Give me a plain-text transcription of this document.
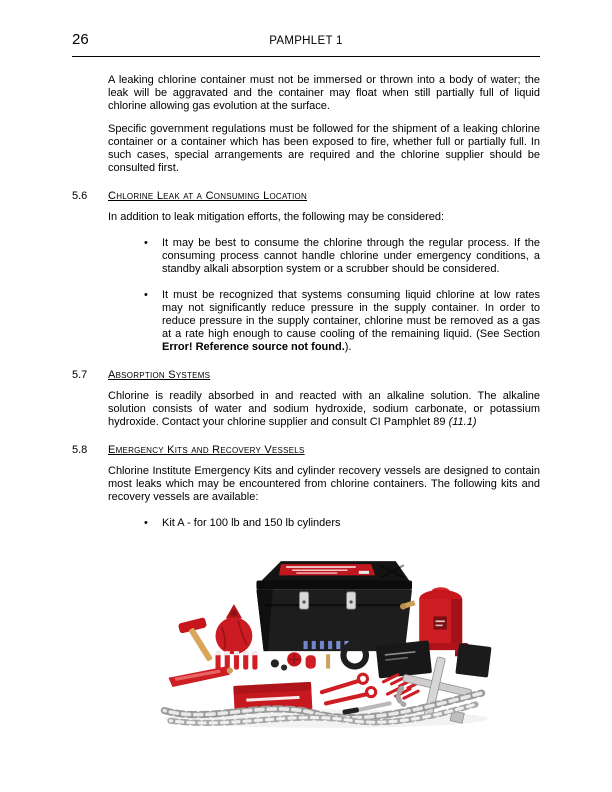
26	PAMPHLET 1

A leaking chlorine container must not be immersed or thrown into a body of water; the leak will be aggravated and the container may float when still partially full of liquid chlorine allowing gas evolution at the surface.

Specific government regulations must be followed for the shipment of a leaking chlorine container or a container which has been exposed to fire, whether full or partially full. In such cases, special arrangements are required and the chlorine supplier should be consulted first.

5.6	Chlorine Leak at a Consuming Location

In addition to leak mitigation efforts, the following may be considered:

•	It may be best to consume the chlorine through the regular process. If the consuming process cannot handle chlorine under emergency conditions, a standby alkali absorption system or a scrubber should be considered.
•	It must be recognized that systems consuming liquid chlorine at low rates may not significantly reduce pressure in the supply container. In order to reduce pressure in the supply container, chlorine must be removed as a gas at a rate high enough to cause cooling of the remaining liquid. (See Section Error! Reference source not found.).
5.7	Absorption Systems

Chlorine is readily absorbed in and reacted with an alkaline solution. The alkaline solution consists of water and sodium hydroxide, sodium carbonate, or potassium hydroxide. Contact your chlorine supplier and consult CI Pamphlet 89 (11.1)

5.8	Emergency Kits and Recovery Vessels

Chlorine Institute Emergency Kits and cylinder recovery vessels are designed to contain most leaks which may be encountered from chlorine containers. The following kits and recovery vessels are available:

•	Kit A - for 100 lb and 150 lb cylinders
